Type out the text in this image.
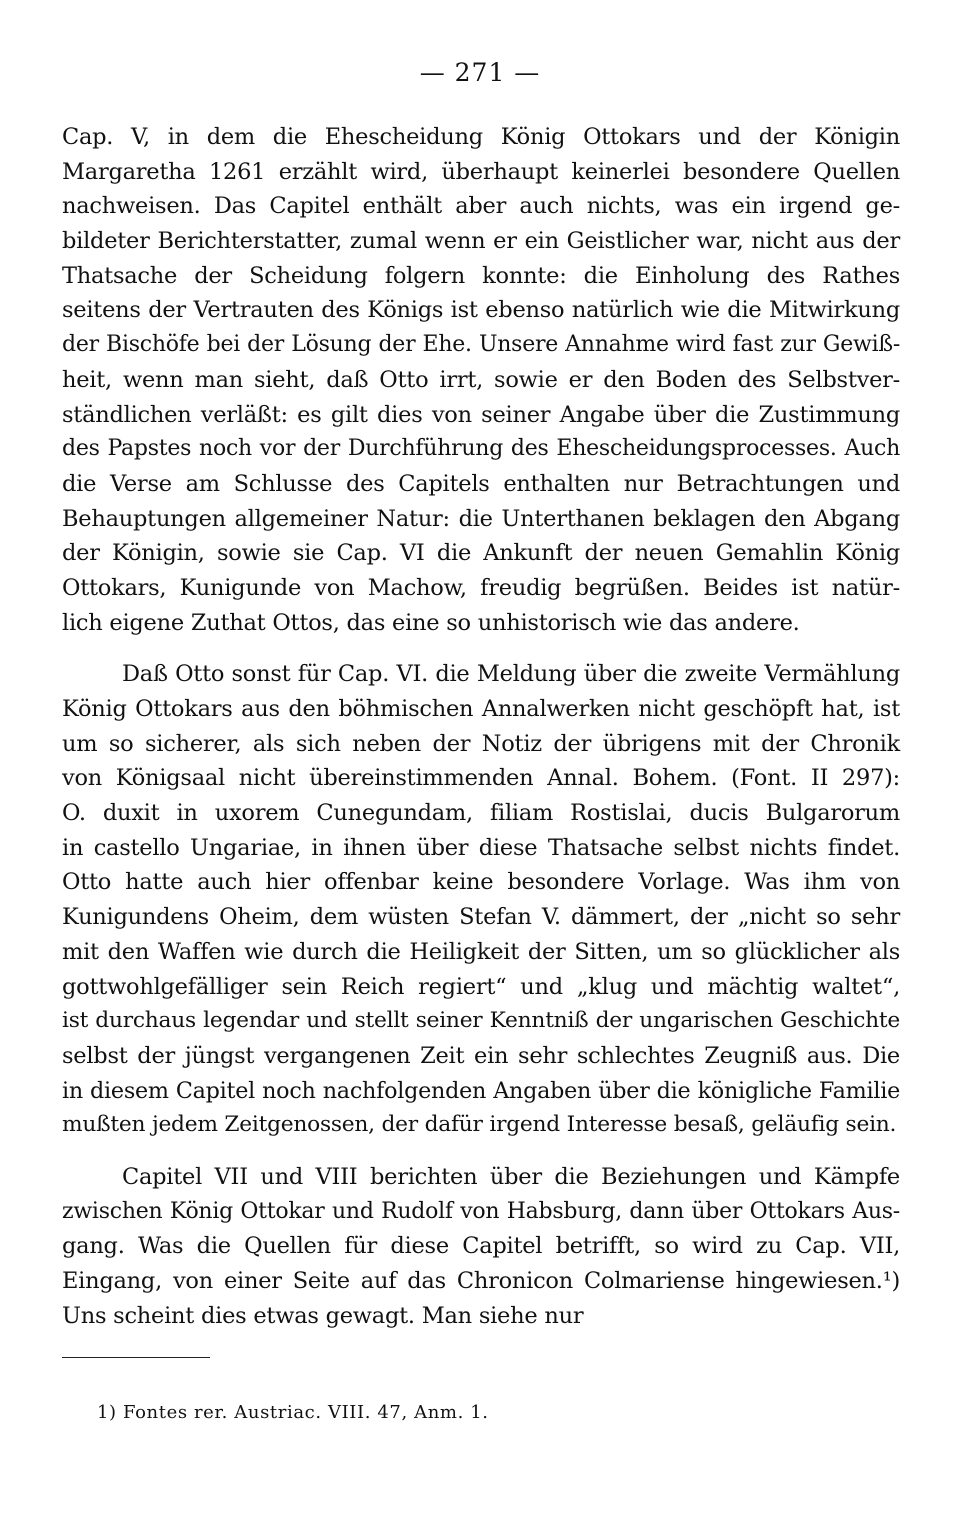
— 271 —
Cap. V, in dem die Ehescheidung König Ottokars und der Königin
Margaretha 1261 erzählt wird, überhaupt keinerlei besondere Quellen
nachweisen. Das Capitel enthält aber auch nichts, was ein irgend ge-
bildeter Berichterstatter, zumal wenn er ein Geistlicher war, nicht aus der
Thatsache der Scheidung folgern konnte: die Einholung des Rathes
seitens der Vertrauten des Königs ist ebenso natürlich wie die Mitwirkung
der Bischöfe bei der Lösung der Ehe. Unsere Annahme wird fast zur Gewiß-
heit, wenn man sieht, daß Otto irrt, sowie er den Boden des Selbstver-
ständlichen verläßt: es gilt dies von seiner Angabe über die Zustimmung
des Papstes noch vor der Durchführung des Ehescheidungsprocesses. Auch
die Verse am Schlusse des Capitels enthalten nur Betrachtungen und
Behauptungen allgemeiner Natur: die Unterthanen beklagen den Abgang
der Königin, sowie sie Cap. VI die Ankunft der neuen Gemahlin König
Ottokars, Kunigunde von Machow, freudig begrüßen. Beides ist natür-
lich eigene Zuthat Ottos, das eine so unhistorisch wie das andere.
Daß Otto sonst für Cap. VI. die Meldung über die zweite Vermählung
König Ottokars aus den böhmischen Annalwerken nicht geschöpft hat, ist
um so sicherer, als sich neben der Notiz der übrigens mit der Chronik
von Königsaal nicht übereinstimmenden Annal. Bohem. (Font. II 297):
O. duxit in uxorem Cunegundam, filiam Rostislai, ducis Bulgarorum
in castello Ungariae, in ihnen über diese Thatsache selbst nichts findet.
Otto hatte auch hier offenbar keine besondere Vorlage. Was ihm von
Kunigundens Oheim, dem wüsten Stefan V. dämmert, der „nicht so sehr
mit den Waffen wie durch die Heiligkeit der Sitten, um so glücklicher als
gottwohlgefälliger sein Reich regiert“ und „klug und mächtig waltet“,
ist durchaus legendar und stellt seiner Kenntniß der ungarischen Geschichte
selbst der jüngst vergangenen Zeit ein sehr schlechtes Zeugniß aus. Die
in diesem Capitel noch nachfolgenden Angaben über die königliche Familie
mußten jedem Zeitgenossen, der dafür irgend Interesse besaß, geläufig sein.
Capitel VII und VIII berichten über die Beziehungen und Kämpfe
zwischen König Ottokar und Rudolf von Habsburg, dann über Ottokars Aus-
gang. Was die Quellen für diese Capitel betrifft, so wird zu Cap. VII,
Eingang, von einer Seite auf das Chronicon Colmariense hingewiesen.¹)
Uns scheint dies etwas gewagt. Man siehe nur
1) Fontes rer. Austriac. VIII. 47, Anm. 1.
